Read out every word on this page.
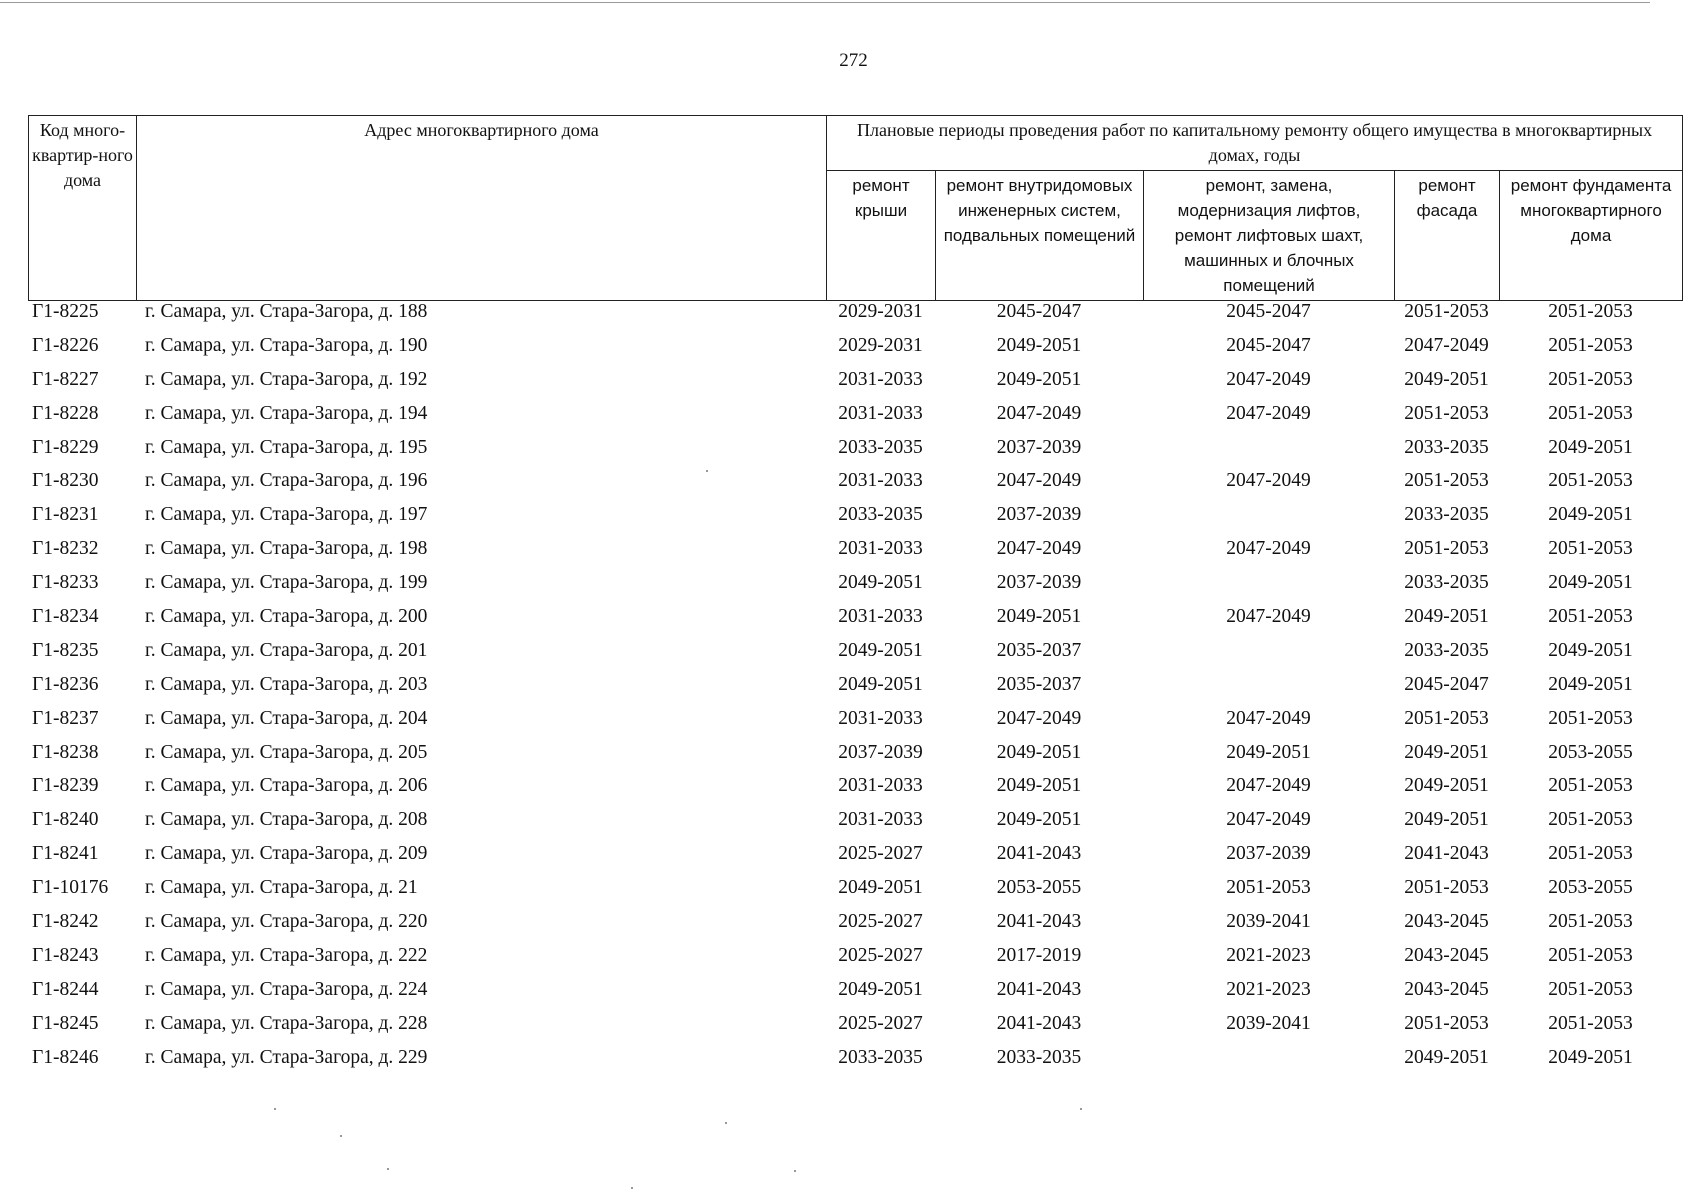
272
Код много-квартир-ного дома	Адрес многоквартирного дома	Плановые периоды проведения работ по капитальному ремонту общего имущества в многоквартирных домах, годы				
		ремонт крыши	ремонт внутридомовых инженерных систем, подвальных помещений	ремонт, замена, модернизация лифтов, ремонт лифтовых шахт, машинных и блочных помещений	ремонт фасада	ремонт фундамента многоквартирного дома
Г1-8225	г. Самара, ул. Стара-Загора, д. 188	2029-2031	2045-2047	2045-2047	2051-2053	2051-2053
Г1-8226	г. Самара, ул. Стара-Загора, д. 190	2029-2031	2049-2051	2045-2047	2047-2049	2051-2053
Г1-8227	г. Самара, ул. Стара-Загора, д. 192	2031-2033	2049-2051	2047-2049	2049-2051	2051-2053
Г1-8228	г. Самара, ул. Стара-Загора, д. 194	2031-2033	2047-2049	2047-2049	2051-2053	2051-2053
Г1-8229	г. Самара, ул. Стара-Загора, д. 195	2033-2035	2037-2039		2033-2035	2049-2051
Г1-8230	г. Самара, ул. Стара-Загора, д. 196	2031-2033	2047-2049	2047-2049	2051-2053	2051-2053
Г1-8231	г. Самара, ул. Стара-Загора, д. 197	2033-2035	2037-2039		2033-2035	2049-2051
Г1-8232	г. Самара, ул. Стара-Загора, д. 198	2031-2033	2047-2049	2047-2049	2051-2053	2051-2053
Г1-8233	г. Самара, ул. Стара-Загора, д. 199	2049-2051	2037-2039		2033-2035	2049-2051
Г1-8234	г. Самара, ул. Стара-Загора, д. 200	2031-2033	2049-2051	2047-2049	2049-2051	2051-2053
Г1-8235	г. Самара, ул. Стара-Загора, д. 201	2049-2051	2035-2037		2033-2035	2049-2051
Г1-8236	г. Самара, ул. Стара-Загора, д. 203	2049-2051	2035-2037		2045-2047	2049-2051
Г1-8237	г. Самара, ул. Стара-Загора, д. 204	2031-2033	2047-2049	2047-2049	2051-2053	2051-2053
Г1-8238	г. Самара, ул. Стара-Загора, д. 205	2037-2039	2049-2051	2049-2051	2049-2051	2053-2055
Г1-8239	г. Самара, ул. Стара-Загора, д. 206	2031-2033	2049-2051	2047-2049	2049-2051	2051-2053
Г1-8240	г. Самара, ул. Стара-Загора, д. 208	2031-2033	2049-2051	2047-2049	2049-2051	2051-2053
Г1-8241	г. Самара, ул. Стара-Загора, д. 209	2025-2027	2041-2043	2037-2039	2041-2043	2051-2053
Г1-10176	г. Самара, ул. Стара-Загора, д. 21	2049-2051	2053-2055	2051-2053	2051-2053	2053-2055
Г1-8242	г. Самара, ул. Стара-Загора, д. 220	2025-2027	2041-2043	2039-2041	2043-2045	2051-2053
Г1-8243	г. Самара, ул. Стара-Загора, д. 222	2025-2027	2017-2019	2021-2023	2043-2045	2051-2053
Г1-8244	г. Самара, ул. Стара-Загора, д. 224	2049-2051	2041-2043	2021-2023	2043-2045	2051-2053
Г1-8245	г. Самара, ул. Стара-Загора, д. 228	2025-2027	2041-2043	2039-2041	2051-2053	2051-2053
Г1-8246	г. Самара, ул. Стара-Загора, д. 229	2033-2035	2033-2035		2049-2051	2049-2051
